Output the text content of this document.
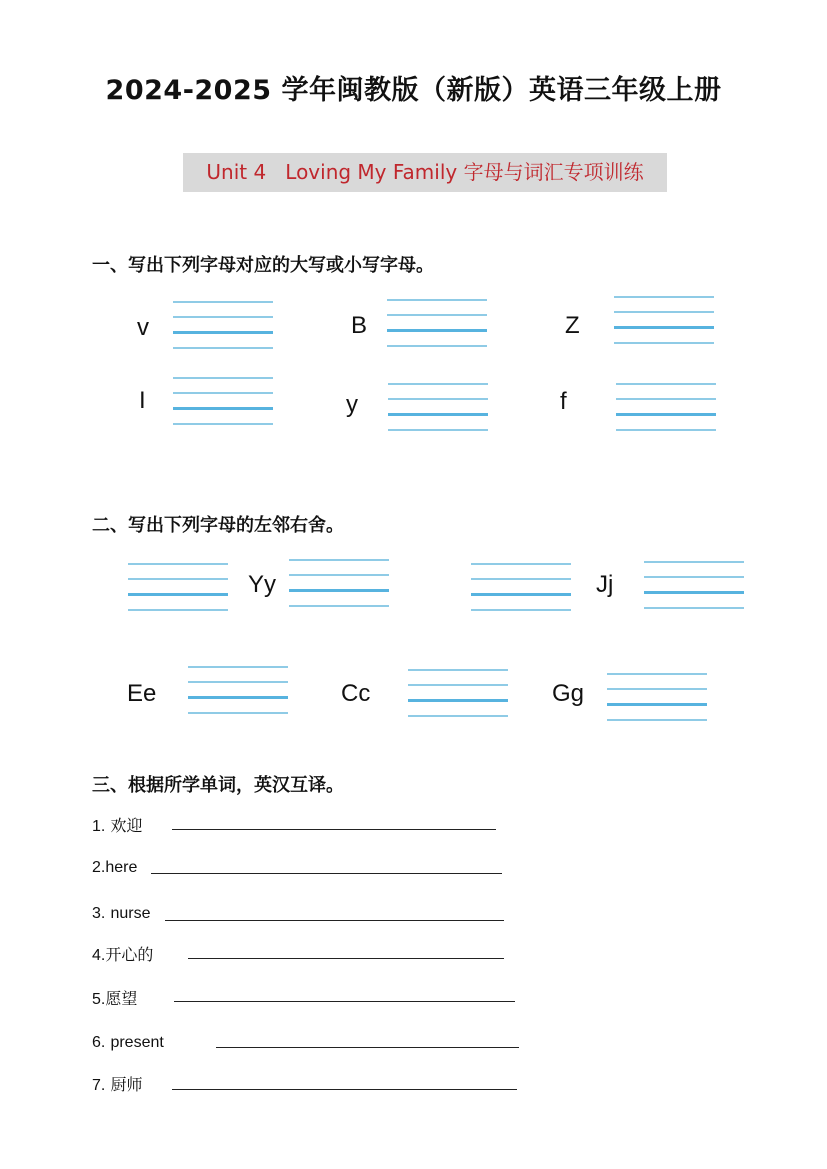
2024-2025 学年闽教版（新版）英语三年级上册
Unit 4   Loving My Family 字母与词汇专项训练
一、写出下列字母对应的大写或小写字母。
v	B	Z
I	y	f
二、写出下列字母的左邻右舍。
Yy	Jj
Ee	Cc	Gg
三、根据所学单词，英汉互译。
1. 欢迎
2.here
3. nurse
4.开心的
5.愿望
6. present
7. 厨师
